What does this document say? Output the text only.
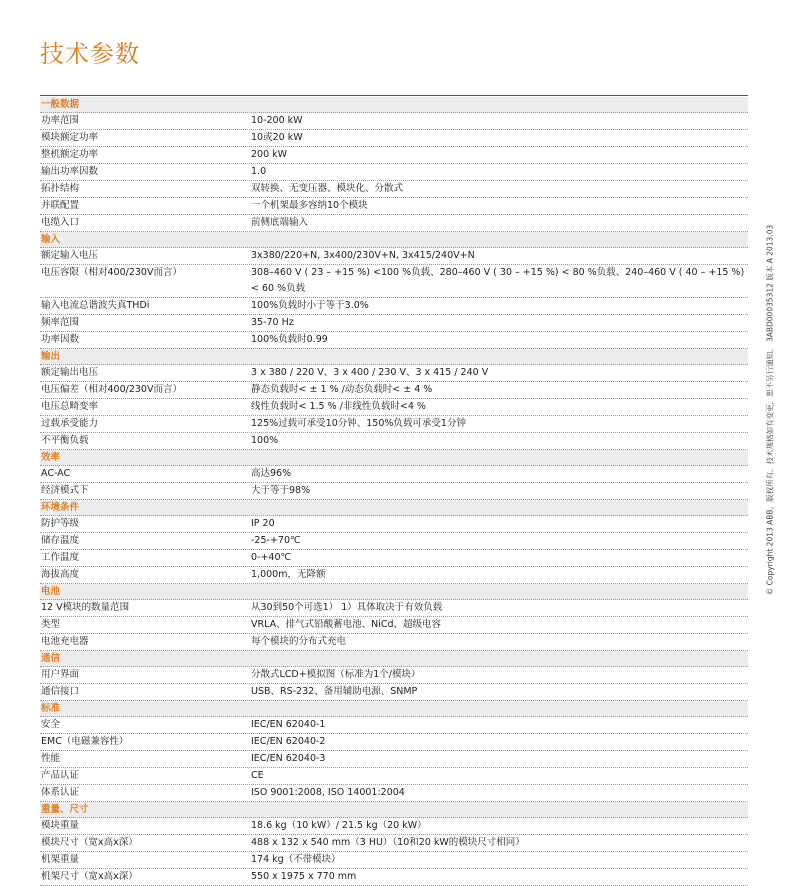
技术参数
一般数据
功率范围	10-200 kW
模块额定功率	10或20 kW
整机额定功率	200 kW
输出功率因数	1.0
拓扑结构	双转换、无变压器、模块化、分散式
并联配置	一个机架最多容纳10个模块
电缆入口	前侧底端输入
输入
额定输入电压	3x380/220+N, 3x400/230V+N, 3x415/240V+N
电压容限（相对400/230V而言）	308–460 V ( 23 – +15 %) <100 %负载、280–460 V ( 30 – +15 %) < 80 %负载、240–460 V ( 40 – +15 %) < 60 %负载
输入电流总谐波失真THDi	100%负载时小于等于3.0%
频率范围	35-70 Hz
功率因数	100%负载时0.99
输出
额定输出电压	3 x 380 / 220 V、3 x 400 / 230 V、3 x 415 / 240 V
电压偏差（相对400/230V而言）	静态负载时< ± 1 % /动态负载时< ± 4 %
电压总畸变率	线性负载时< 1.5 % /非线性负载时<4 %
过载承受能力	125%过载可承受10分钟、150%负载可承受1分钟
不平衡负载	100%
效率
AC-AC	高达96%
经济模式下	大于等于98%
环境条件
防护等级	IP 20
储存温度	-25-+70℃
工作温度	0-+40℃
海拔高度	1,000m，无降额
电池
12 V模块的数量范围	从30到50个可选1） 1）具体取决于有效负载
类型	VRLA、排气式铅酸蓄电池、NiCd、超级电容
电池充电器	每个模块的分布式充电
通信
用户界面	分散式LCD+模拟图（标准为1个/模块）
通信接口	USB、RS-232、备用辅助电源、SNMP
标准
安全	IEC/EN 62040-1
EMC（电磁兼容性）	IEC/EN 62040-2
性能	IEC/EN 62040-3
产品认证	CE
体系认证	ISO 9001:2008, ISO 14001:2004
重量、尺寸
模块重量	18.6 kg（10 kW）/ 21.5 kg（20 kW）
模块尺寸（宽x高x深）	488 x 132 x 540 mm（3 HU）（10和20 kW的模块尺寸相同）
机架重量	174 kg（不带模块）
机架尺寸（宽x高x深）	550 x 1975 x 770 mm
© Copyright 2013 ABB。版权所有。技术规格如有变更，恕不另行通知。 3ABD00035312 版本 A 2013.03
